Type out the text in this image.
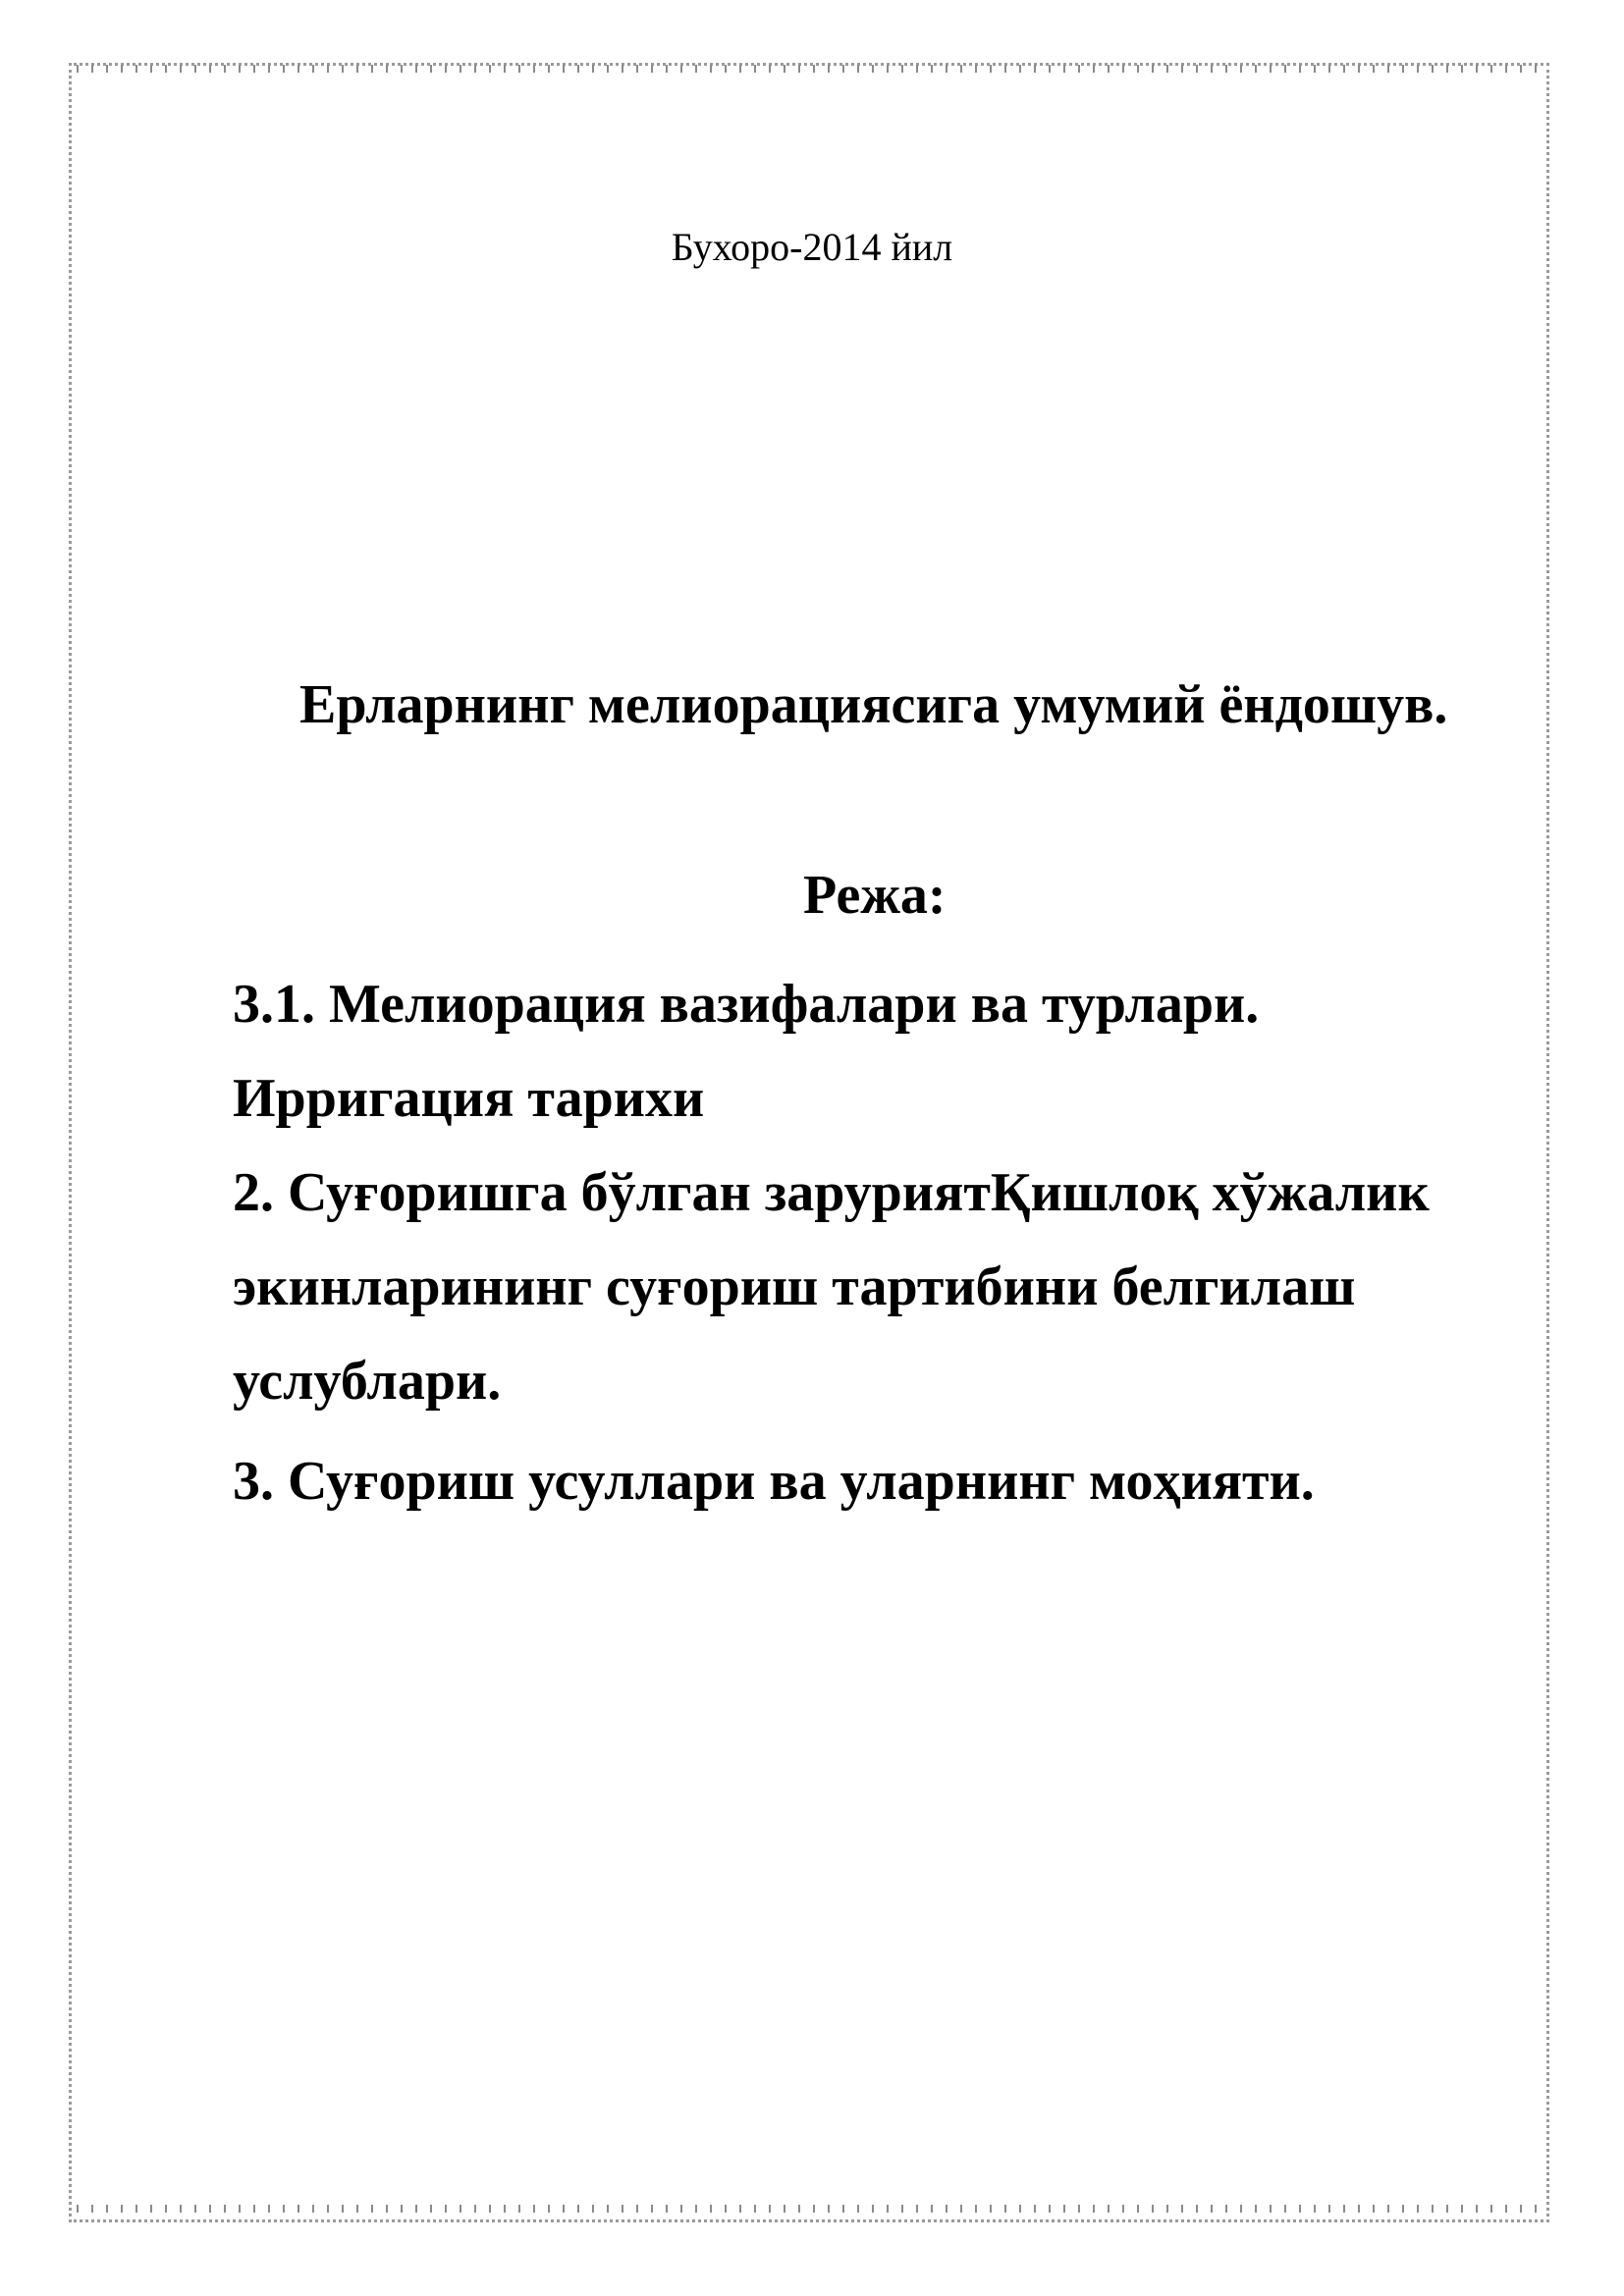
Бухоро-2014 йил
Ерларнинг мелиорациясига умумий ёндошув.
Режа:
3.1. Мелиорация вазифалари ва турлари.
Ирригация тарихи
2. Суғоришга бўлган заруриятҚишлоқ хўжалик
экинларининг суғориш тартибини белгилаш
услублари.
3. Суғориш усуллари ва уларнинг моҳияти.
